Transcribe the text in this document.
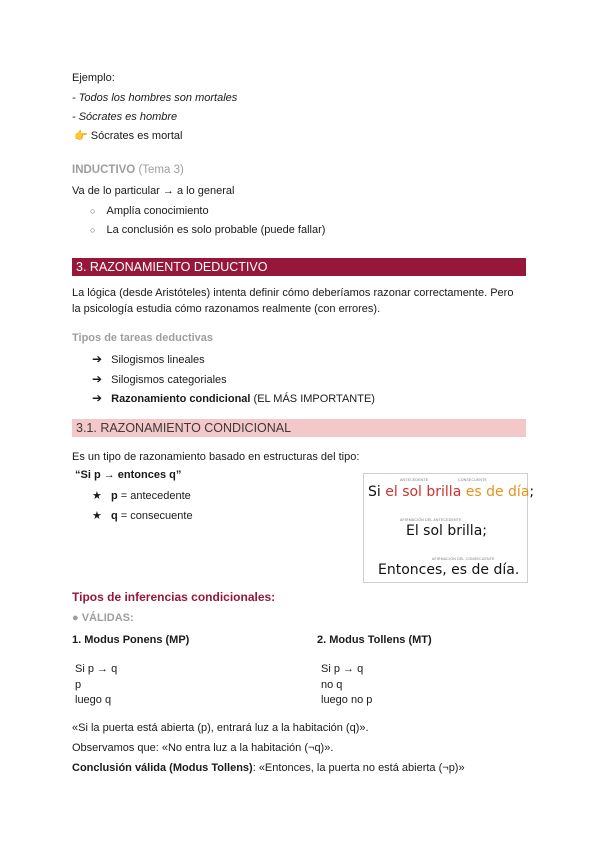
Ejemplo:
- Todos los hombres son mortales
- Sócrates es hombre
👉 Sócrates es mortal
INDUCTIVO (Tema 3)
Va de lo particular → a lo general
○ Amplía conocimiento
○ La conclusión es solo probable (puede fallar)
3. RAZONAMIENTO DEDUCTIVO
La lógica (desde Aristóteles) intenta definir cómo deberíamos razonar correctamente. Pero
la psicología estudia cómo razonamos realmente (con errores).
Tipos de tareas deductivas
➔ Silogismos lineales
➔ Silogismos categoriales
➔ Razonamiento condicional (EL MÁS IMPORTANTE)
3.1. RAZONAMIENTO CONDICIONAL
Es un tipo de razonamiento basado en estructuras del tipo:
“Si p → entonces q”
★ p = antecedente
★ q = consecuente
ANTECEDENTE	CONSECUENTE
Si el sol brilla es de día;
AFIRMACIÓN DEL ANTECEDENTE
El sol brilla;
AFIRMACIÓN DEL CONSECUENTE
Entonces, es de día.
Tipos de inferencias condicionales:
● VÁLIDAS:
1. Modus Ponens (MP)	2. Modus Tollens (MT)
Si p → q
p
luego q
Si p → q
no q
luego no p
«Si la puerta está abierta (p), entrará luz a la habitación (q)».
Observamos que: «No entra luz a la habitación (¬q)».
Conclusión válida (Modus Tollens): «Entonces, la puerta no está abierta (¬p)»
